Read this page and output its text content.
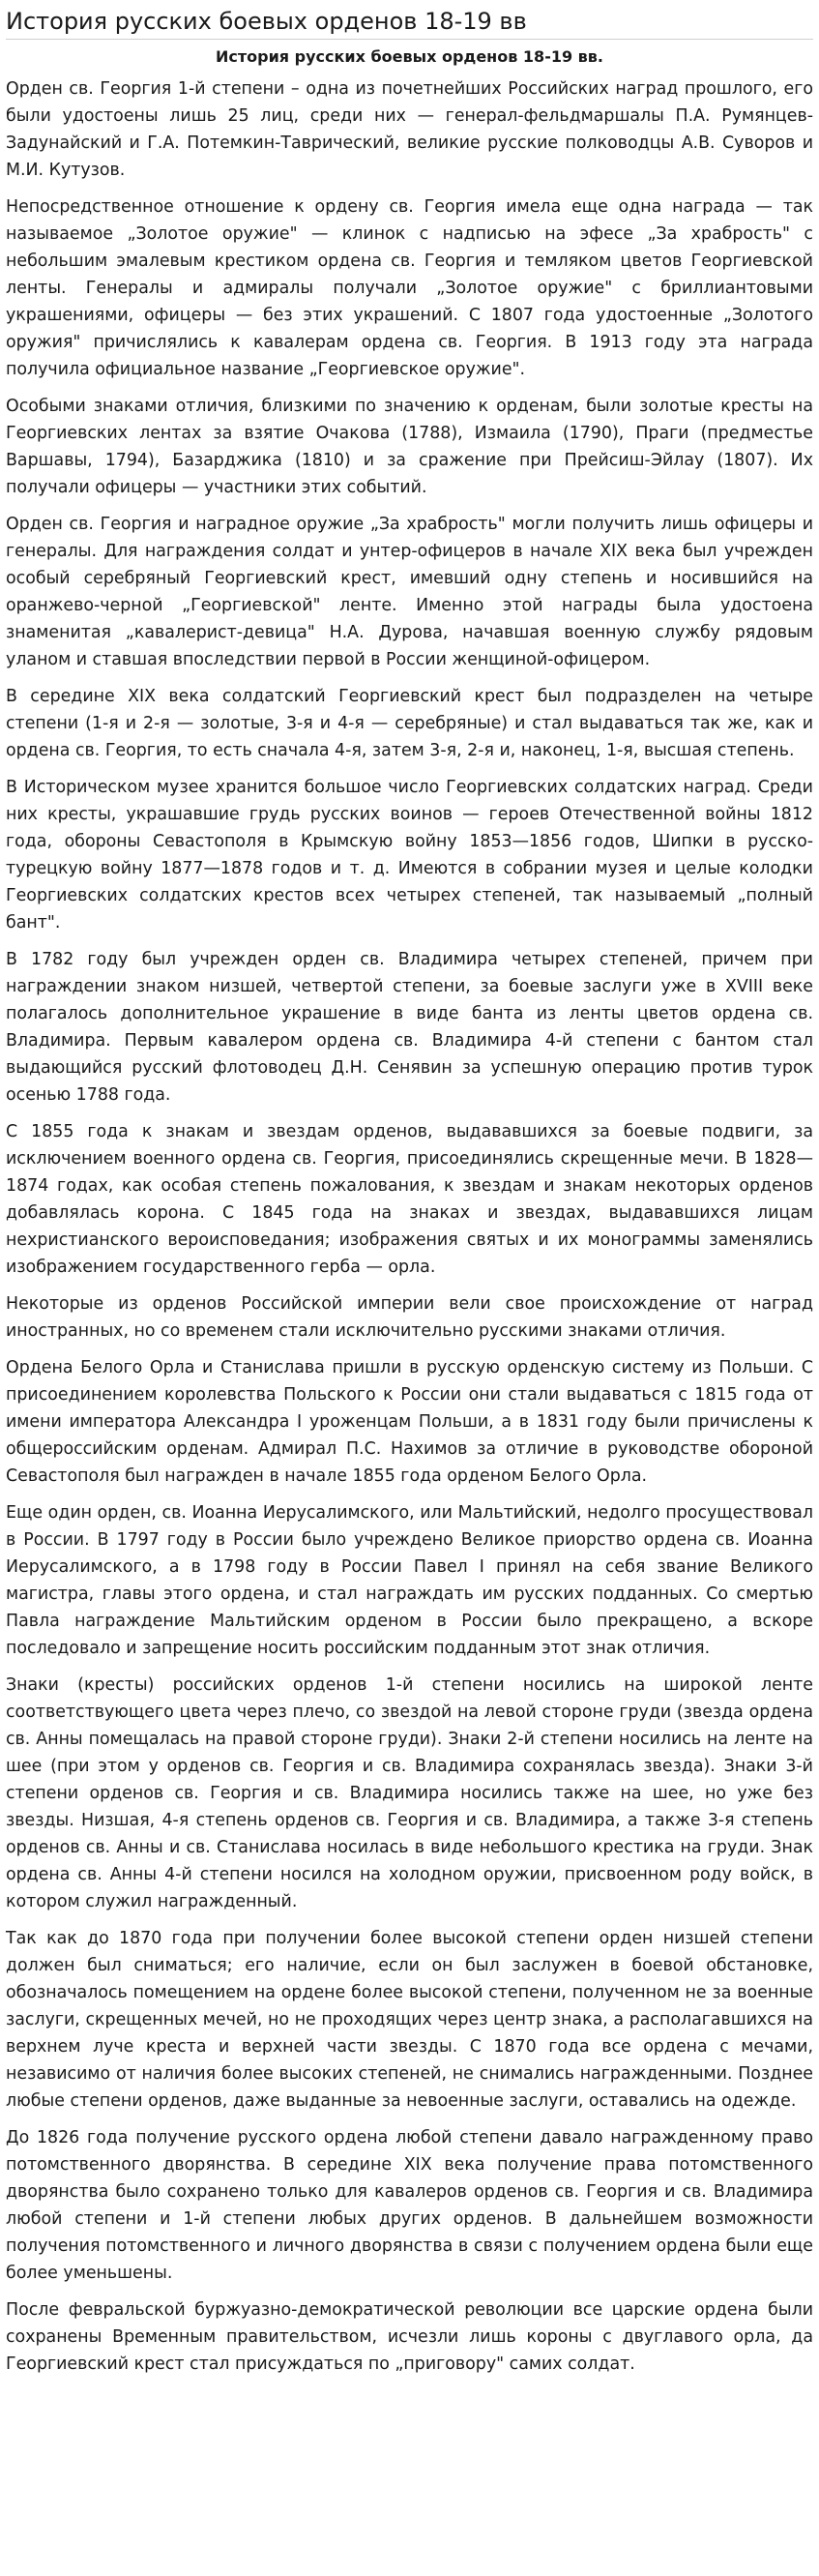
История русских боевых орденов 18-19 вв
История русских боевых орденов 18-19 вв.

Орден св. Георгия 1-й степени – одна из почетнейших Российских наград прошлого, его были удостоены лишь 25 лиц, среди них — генерал-фельдмаршалы П.А. Румянцев-Задунайский и Г.А. Потемкин-Таврический, великие русские полководцы А.В. Суворов и М.И. Кутузов.

Непосредственное отношение к ордену св. Георгия имела еще одна награда — так называемое „Золотое оружие" — клинок с надписью на эфесе „За храбрость" с небольшим эмалевым крестиком ордена св. Георгия и темляком цветов Георгиевской ленты. Генералы и адмиралы получали „Золотое оружие" с бриллиантовыми украшениями, офицеры — без этих украшений. С 1807 года удостоенные „Золотого оружия" причислялись к кавалерам ордена св. Георгия. В 1913 году эта награда получила официальное название „Георгиевское оружие".

Особыми знаками отличия, близкими по значению к орденам, были золотые кресты на Георгиевских лентах за взятие Очакова (1788), Измаила (1790), Праги (предместье Варшавы, 1794), Базарджика (1810) и за сражение при Прейсиш-Эйлау (1807). Их получали офицеры — участники этих событий.

Орден св. Георгия и наградное оружие „За храбрость" могли получить лишь офицеры и генералы. Для награждения солдат и унтер-офицеров в начале XIX века был учрежден особый серебряный Георгиевский крест, имевший одну степень и носившийся на оранжево-черной „Георгиевской" ленте. Именно этой награды была удостоена знаменитая „кавалерист-девица" Н.А. Дурова, начавшая военную службу рядовым уланом и ставшая впоследствии первой в России женщиной-офицером.

В середине XIX века солдатский Георгиевский крест был подразделен на четыре степени (1-я и 2-я — золотые, 3-я и 4-я — серебряные) и стал выдаваться так же, как и ордена св. Георгия, то есть сначала 4-я, затем 3-я, 2-я и, наконец, 1-я, высшая степень.

В Историческом музее хранится большое число Георгиевских солдатских наград. Среди них кресты, украшавшие грудь русских воинов — героев Отечественной войны 1812 года, обороны Севастополя в Крымскую войну 1853—1856 годов, Шипки в русско-турецкую войну 1877—1878 годов и т. д. Имеются в собрании музея и целые колодки Георгиевских солдатских крестов всех четырех степеней, так называемый „полный бант".

В 1782 году был учрежден орден св. Владимира четырех степеней, причем при награждении знаком низшей, четвертой степени, за боевые заслуги уже в XVIII веке полагалось дополнительное украшение в виде банта из ленты цветов ордена св. Владимира. Первым кавалером ордена св. Владимира 4-й степени с бантом стал выдающийся русский флотоводец Д.Н. Сенявин за успешную операцию против турок осенью 1788 года.

С 1855 года к знакам и звездам орденов, выдававшихся за боевые подвиги, за исключением военного ордена св. Георгия, присоединялись скрещенные мечи. В 1828—1874 годах, как особая степень пожалования, к звездам и знакам некоторых орденов добавлялась корона. С 1845 года на знаках и звездах, выдававшихся лицам нехристианского вероисповедания; изображения святых и их монограммы заменялись изображением государственного герба — орла.

Некоторые из орденов Российской империи вели свое происхождение от наград иностранных, но со временем стали исключительно русскими знаками отличия.

Ордена Белого Орла и Станислава пришли в русскую орденскую систему из Польши. С присоединением королевства Польского к России они стали выдаваться с 1815 года от имени императора Александра I уроженцам Польши, а в 1831 году были причислены к общероссийским орденам. Адмирал П.С. Нахимов за отличие в руководстве обороной Севастополя был награжден в начале 1855 года орденом Белого Орла.

Еще один орден, св. Иоанна Иерусалимского, или Мальтийский, недолго просуществовал в России. В 1797 году в России было учреждено Великое приорство ордена св. Иоанна Иерусалимского, а в 1798 году в России Павел I принял на себя звание Великого магистра, главы этого ордена, и стал награждать им русских подданных. Со смертью Павла награждение Мальтийским орденом в России было прекращено, а вскоре последовало и запрещение носить российским подданным этот знак отличия.

Знаки (кресты) российских орденов 1-й степени носились на широкой ленте соответствующего цвета через плечо, со звездой на левой стороне груди (звезда ордена св. Анны помещалась на правой стороне груди). Знаки 2-й степени носились на ленте на шее (при этом у орденов св. Георгия и св. Владимира сохранялась звезда). Знаки 3-й степени орденов св. Георгия и св. Владимира носились также на шее, но уже без звезды. Низшая, 4-я степень орденов св. Георгия и св. Владимира, а также 3-я степень орденов св. Анны и св. Станислава носилась в виде небольшого крестика на груди. Знак ордена св. Анны 4-й степени носился на холодном оружии, присвоенном роду войск, в котором служил награжденный.

Так как до 1870 года при получении более высокой степени орден низшей степени должен был сниматься; его наличие, если он был заслужен в боевой обстановке, обозначалось помещением на ордене более высокой степени, полученном не за военные заслуги, скрещенных мечей, но не проходящих через центр знака, а располагавшихся на верхнем луче креста и верхней части звезды. С 1870 года все ордена с мечами, независимо от наличия более высоких степеней, не снимались награжденными. Позднее любые степени орденов, даже выданные за невоенные заслуги, оставались на одежде.

До 1826 года получение русского ордена любой степени давало награжденному право потомственного дворянства. В середине XIX века получение права потомственного дворянства было сохранено только для кавалеров орденов св. Георгия и св. Владимира любой степени и 1-й степени любых других орденов. В дальнейшем возможности получения потомственного и личного дворянства в связи с получением ордена были еще более уменьшены.

После февральской буржуазно-демократической революции все царские ордена были сохранены Временным правительством, исчезли лишь короны с двуглавого орла, да Георгиевский крест стал присуждаться по „приговору" самих солдат.
